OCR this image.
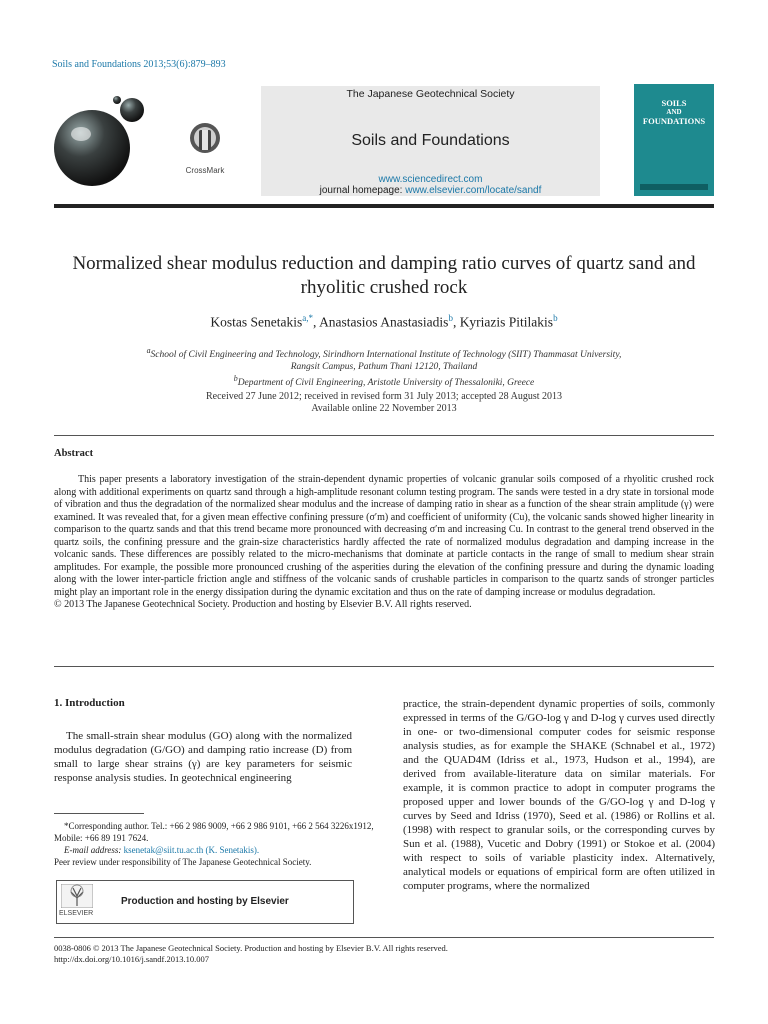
Soils and Foundations 2013;53(6):879–893
CrossMark
The Japanese Geotechnical Society
Soils and Foundations
www.sciencedirect.com
journal homepage: www.elsevier.com/locate/sandf
SOILS
AND
FOUNDATIONS
Normalized shear modulus reduction and damping ratio curves of quartz sand and rhyolitic crushed rock
Kostas Senetakis$^{a,*}$, Anastasios Anastasiadis$^b$, Kyriazis Pitilakis$^b$
$^a$School of Civil Engineering and Technology, Sirindhorn International Institute of Technology (SIIT) Thammasat University,
Rangsit Campus, Pathum Thani 12120, Thailand
$^b$Department of Civil Engineering, Aristotle University of Thessaloniki, Greece
Received 27 June 2012; received in revised form 31 July 2013; accepted 28 August 2013
Available online 22 November 2013
Abstract

This paper presents a laboratory investigation of the strain-dependent dynamic properties of volcanic granular soils composed of a rhyolitic crushed rock along with additional experiments on quartz sand through a high-amplitude resonant column testing program. The sands were tested in a dry state in torsional mode of vibration and thus the degradation of the normalized shear modulus and the increase of damping ratio in shear as a function of the shear strain amplitude (γ) were examined. It was revealed that, for a given mean effective confining pressure (σ′m) and coefficient of uniformity (Cu), the volcanic sands showed higher linearity in comparison to the quartz sands and that this trend became more pronounced with decreasing σ′m and increasing Cu. In contrast to the general trend observed in the quartz soils, the confining pressure and the grain-size characteristics hardly affected the rate of normalized modulus degradation and damping increase in the volcanic sands. These differences are possibly related to the micro-mechanisms that dominate at particle contacts in the range of small to medium shear strain amplitudes. For example, the possible more pronounced crushing of the asperities during the elevation of the confining pressure and during the dynamic loading along with the lower inter-particle friction angle and stiffness of the volcanic sands of crushable particles in comparison to the quartz sands of stronger particles might play an important role in the energy dissipation during the dynamic excitation and thus on the rate of damping increase or modulus degradation.

© 2013 The Japanese Geotechnical Society. Production and hosting by Elsevier B.V. All rights reserved.

1. Introduction

The small-strain shear modulus (GO) along with the normalized modulus degradation (G/GO) and damping ratio increase (D) from small to large shear strains (γ) are key parameters for seismic response analysis studies. In geotechnical engineering

*Corresponding author. Tel.: +66 2 986 9009, +66 2 986 9101, +66 2 564 3226x1912, Mobile: +66 89 191 7624.

E-mail address: ksenetak@siit.tu.ac.th (K. Senetakis).

Peer review under responsibility of The Japanese Geotechnical Society.

ELSEVIER
Production and hosting by Elsevier

practice, the strain-dependent dynamic properties of soils, commonly expressed in terms of the G/GO-log γ and D-log γ curves used directly in one- or two-dimensional computer codes for seismic response analysis studies, as for example the SHAKE (Schnabel et al., 1972) and the QUAD4M (Idriss et al., 1973, Hudson et al., 1994), are derived from available-literature data on similar materials. For example, it is common practice to adopt in computer programs the proposed upper and lower bounds of the G/GO-log γ and D-log γ curves by Seed and Idriss (1970), Seed et al. (1986) or Rollins et al. (1998) with respect to granular soils, or the corresponding curves by Sun et al. (1988), Vucetic and Dobry (1991) or Stokoe et al. (2004) with respect to soils of variable plasticity index. Alternatively, analytical models or equations of empirical form are often utilized in computer programs, where the normalized

0038-0806 © 2013 The Japanese Geotechnical Society. Production and hosting by Elsevier B.V. All rights reserved.
http://dx.doi.org/10.1016/j.sandf.2013.10.007
